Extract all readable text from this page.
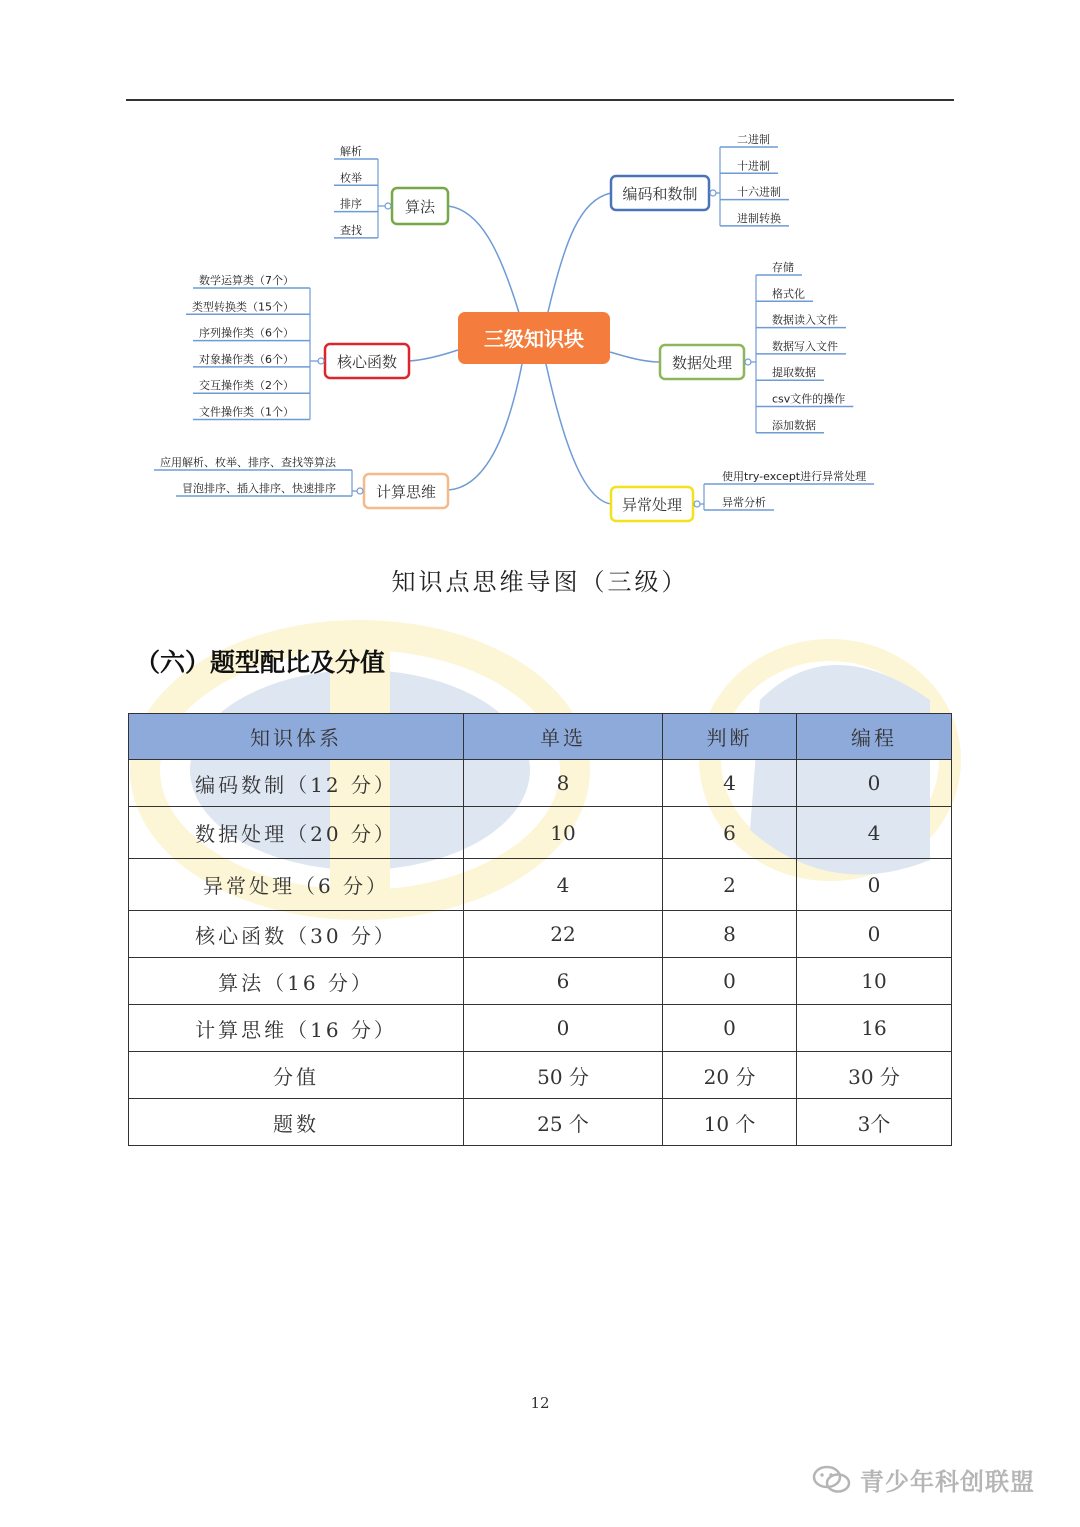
解析
枚举
排序
查找
数学运算类（7个）
类型转换类（15个）
序列操作类（6个）
对象操作类（6个）
交互操作类（2个）
文件操作类（1个）
应用解析、枚举、排序、查找等算法
冒泡排序、插入排序、快速排序
二进制
十进制
十六进制
进制转换
存储
格式化
数据读入文件
数据写入文件
提取数据
csv文件的操作
添加数据
使用try-except进行异常处理
异常分析
三级知识块
算法
核心函数
计算思维
编码和数制
数据处理
异常处理
知识点思维导图（三级）
（六）题型配比及分值
知识体系	单选	判断	编程
编码数制（12 分）	8	4	0
数据处理（20 分）	10	6	4
异常处理（6 分）	4	2	0
核心函数（30 分）	22	8	0
算法（16 分）	6	0	10
计算思维（16 分）	0	0	16
分值	50 分	20 分	30 分
题数	25 个	10 个	3个
12
青少年科创联盟
